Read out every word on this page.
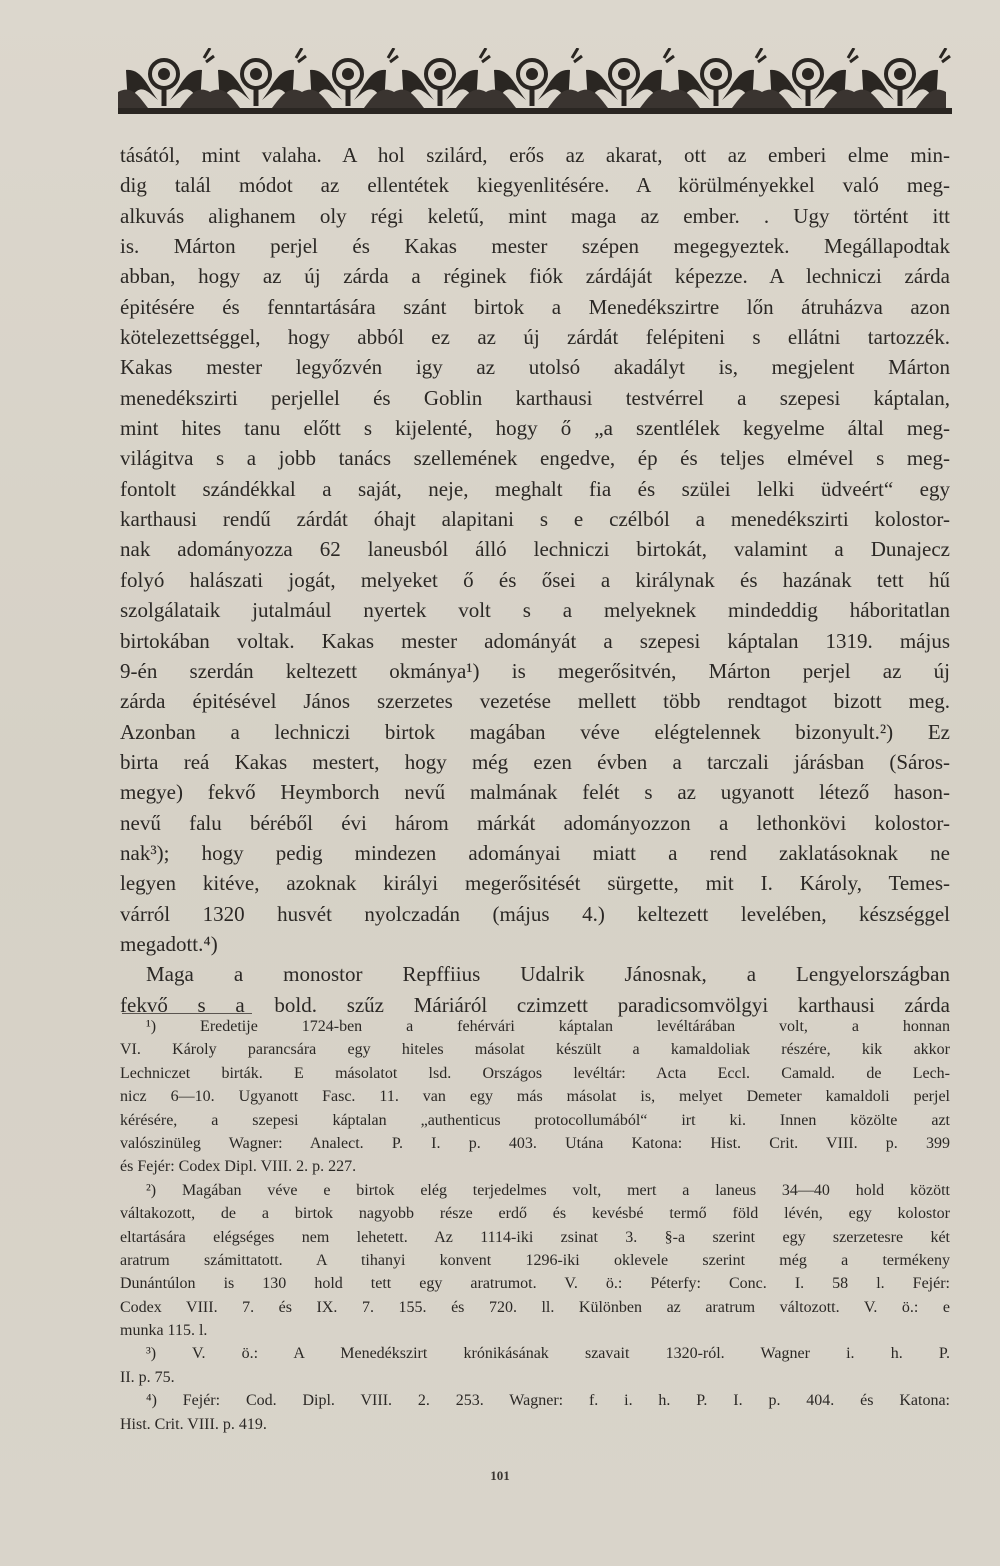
tásától, mint valaha. A hol szilárd, erős az akarat, ott az emberi elme min-
dig talál módot az ellentétek kiegyenlitésére. A körülményekkel való meg-
alkuvás alighanem oly régi keletű, mint maga az ember. . Ugy történt itt
is. Márton perjel és Kakas mester szépen megegyeztek. Megállapodtak
abban, hogy az új zárda a réginek fiók zárdáját képezze. A lechniczi zárda
épitésére és fenntartására szánt birtok a Menedékszirtre lőn átruházva azon
kötelezettséggel, hogy abból ez az új zárdát felépiteni s ellátni tartozzék.
Kakas mester legyőzvén igy az utolsó akadályt is, megjelent Márton
menedékszirti perjellel és Goblin karthausi testvérrel a szepesi káptalan,
mint hites tanu előtt s kijelenté, hogy ő „a szentlélek kegyelme által meg-
világitva s a jobb tanács szellemének engedve, ép és teljes elmével s meg-
fontolt szándékkal a saját, neje, meghalt fia és szülei lelki üdveért“ egy
karthausi rendű zárdát óhajt alapitani s e czélból a menedékszirti kolostor-
nak adományozza 62 laneusból álló lechniczi birtokát, valamint a Dunajecz
folyó halászati jogát, melyeket ő és ősei a királynak és hazának tett hű
szolgálataik jutalmául nyertek volt s a melyeknek mindeddig háboritatlan
birtokában voltak. Kakas mester adományát a szepesi káptalan 1319. május
9-én szerdán keltezett okmánya¹) is megerősitvén, Márton perjel az új
zárda épitésével János szerzetes vezetése mellett több rendtagot bizott meg.
Azonban a lechniczi birtok magában véve elégtelennek bizonyult.²) Ez
birta reá Kakas mestert, hogy még ezen évben a tarczali járásban (Sáros-
megye) fekvő Heymborch nevű malmának felét s az ugyanott létező hason-
nevű falu béréből évi három márkát adományozzon a lethonkövi kolostor-
nak³); hogy pedig mindezen adományai miatt a rend zaklatásoknak ne
legyen kitéve, azoknak királyi megerősitését sürgette, mit I. Károly, Temes-
várról 1320 husvét nyolczadán (május 4.) keltezett levelében, készséggel
megadott.⁴)
Maga a monostor Repffiius Udalrik Jánosnak, a Lengyelországban
fekvő s a bold. szűz Máriáról czimzett paradicsomvölgyi karthausi zárda
¹) Eredetije 1724-ben a fehérvári káptalan levéltárában volt, a honnan
VI. Károly parancsára egy hiteles másolat készült a kamaldoliak részére, kik akkor
Lechniczet birták. E másolatot lsd. Országos levéltár: Acta Eccl. Camald. de Lech-
nicz 6—10. Ugyanott Fasc. 11. van egy más másolat is, melyet Demeter kamaldoli perjel
kérésére, a szepesi káptalan „authenticus protocollumából“ irt ki. Innen közölte azt
valószinüleg Wagner: Analect. P. I. p. 403. Utána Katona: Hist. Crit. VIII. p. 399
és Fejér: Codex Dipl. VIII. 2. p. 227.
²) Magában véve e birtok elég terjedelmes volt, mert a laneus 34—40 hold között
váltakozott, de a birtok nagyobb része erdő és kevésbé termő föld lévén, egy kolostor
eltartására elégséges nem lehetett. Az 1114-iki zsinat 3. §-a szerint egy szerzetesre két
aratrum számittatott. A tihanyi konvent 1296-iki oklevele szerint még a termékeny
Dunántúlon is 130 hold tett egy aratrumot. V. ö.: Péterfy: Conc. I. 58 l. Fejér:
Codex VIII. 7. és IX. 7. 155. és 720. ll. Különben az aratrum változott. V. ö.: e
munka 115. l.
³) V. ö.: A Menedékszirt krónikásának szavait 1320-ról. Wagner i. h. P.
II. p. 75.
⁴) Fejér: Cod. Dipl. VIII. 2. 253. Wagner: f. i. h. P. I. p. 404. és Katona:
Hist. Crit. VIII. p. 419.
101
